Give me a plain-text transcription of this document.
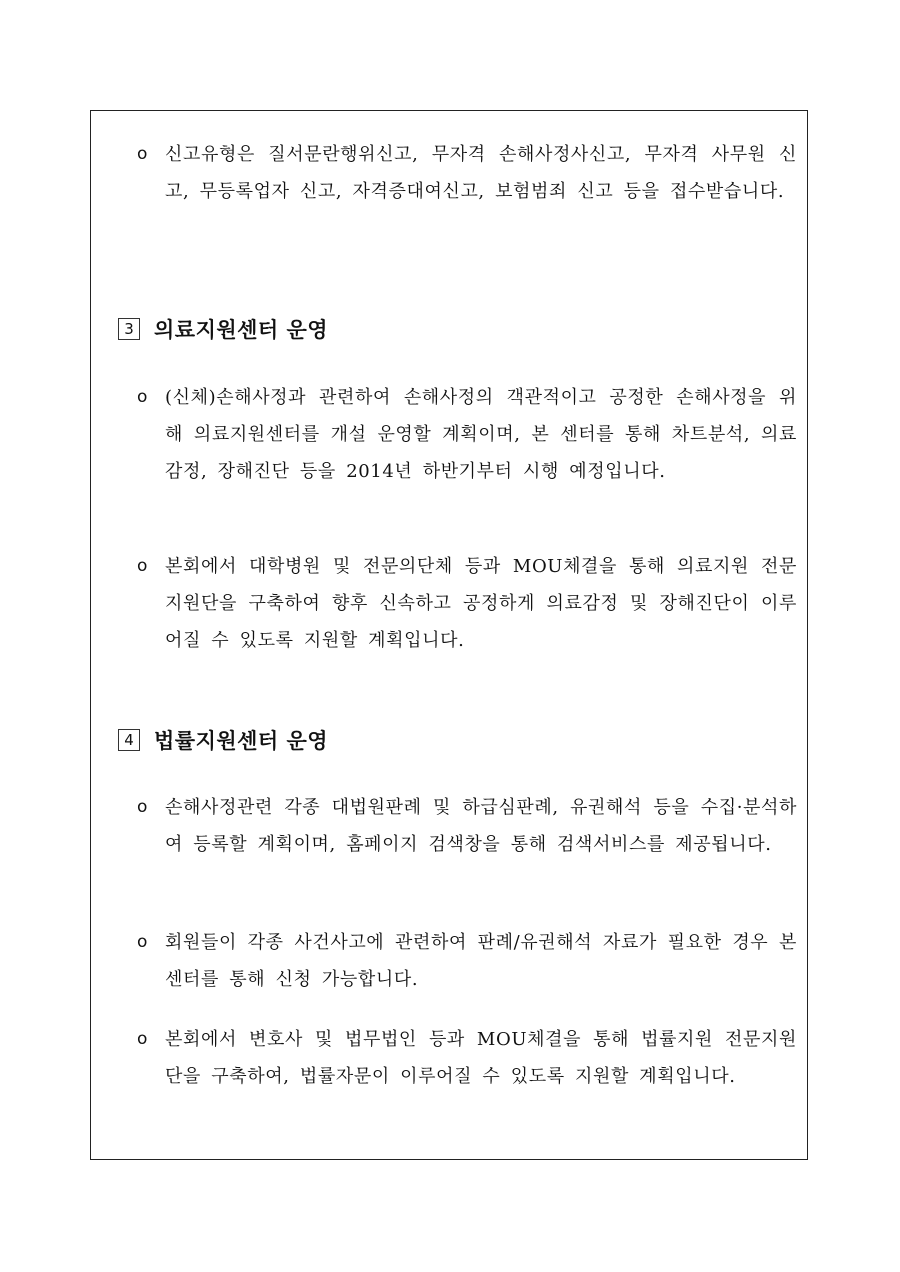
o 신고유형은 질서문란행위신고, 무자격 손해사정사신고, 무자격 사무원 신고, 무등록업자 신고, 자격증대여신고, 보험범죄 신고 등을 접수받습니다.
3 의료지원센터 운영
o (신체)손해사정과 관련하여 손해사정의 객관적이고 공정한 손해사정을 위해 의료지원센터를 개설 운영할 계획이며, 본 센터를 통해 차트분석, 의료감정, 장해진단 등을 2014년 하반기부터 시행 예정입니다.
o 본회에서 대학병원 및 전문의단체 등과 MOU체결을 통해 의료지원 전문지원단을 구축하여 향후 신속하고 공정하게 의료감정 및 장해진단이 이루어질 수 있도록 지원할 계획입니다.
4 법률지원센터 운영
o 손해사정관련 각종 대법원판례 및 하급심판례, 유권해석 등을 수집·분석하여 등록할 계획이며, 홈페이지 검색창을 통해 검색서비스를 제공됩니다.
o 회원들이 각종 사건사고에 관련하여 판례/유권해석 자료가 필요한 경우 본 센터를 통해 신청 가능합니다.
o 본회에서 변호사 및 법무법인 등과 MOU체결을 통해 법률지원 전문지원단을 구축하여, 법률자문이 이루어질 수 있도록 지원할 계획입니다.
